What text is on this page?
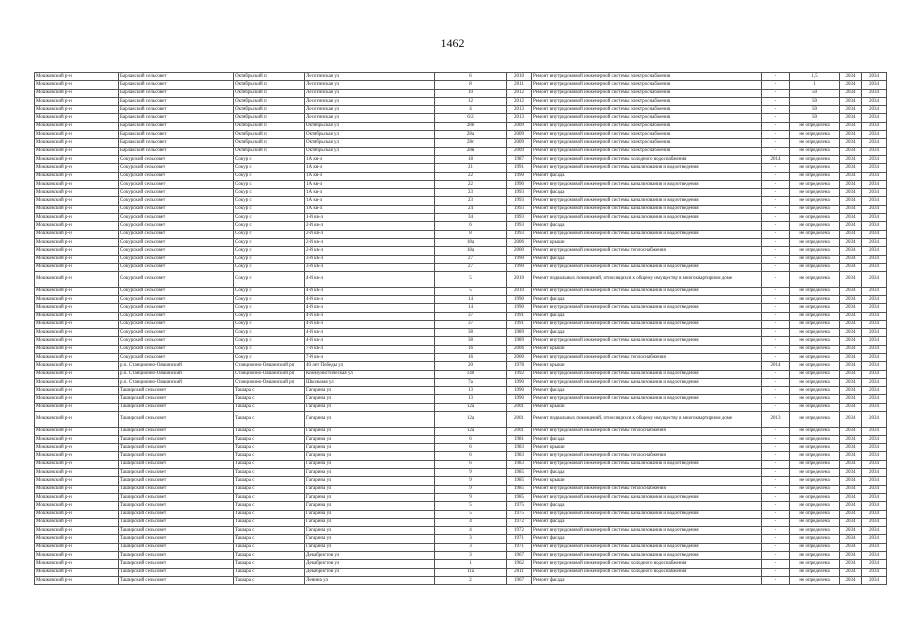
1462
Мошковский р-н	Барлакский сельсовет	Октябрьский п	Лесотинская ул	6	2010	Ремонт внутридомовой инженерной системы электроснабжения	-	1,5	2034	2034
Мошковский р-н	Барлакский сельсовет	Октябрьский п	Лесотинская ул	8	2011	Ремонт внутридомовой инженерной системы электроснабжения	-	1	2034	2034
Мошковский р-н	Барлакский сельсовет	Октябрьский п	Лесотинская ул	10	2012	Ремонт внутридомовой инженерной системы электроснабжения	-	50	2034	2034
Мошковский р-н	Барлакский сельсовет	Октябрьский п	Лесотинская ул	12	2012	Ремонт внутридомовой инженерной системы электроснабжения	-	50	2034	2034
Мошковский р-н	Барлакский сельсовет	Октябрьский п	Лесотинская ул	4	2013	Ремонт внутридомовой инженерной системы электроснабжения	-	50	2034	2034
Мошковский р-н	Барлакский сельсовет	Октябрьский п	Лесотинская ул	6/2	2013	Ремонт внутридомовой инженерной системы электроснабжения	-	50	2034	2034
Мошковский р-н	Барлакский сельсовет	Октябрьский п	Октябрьская ул	28б	2009	Ремонт внутридомовой инженерной системы электроснабжения	-	не определена	2034	2034
Мошковский р-н	Барлакский сельсовет	Октябрьский п	Октябрьская ул	28а	2009	Ремонт внутридомовой инженерной системы электроснабжения	-	не определена	2034	2034
Мошковский р-н	Барлакский сельсовет	Октябрьский п	Октябрьская ул	28г	2009	Ремонт внутридомовой инженерной системы электроснабжения	-	не определена	2034	2034
Мошковский р-н	Барлакский сельсовет	Октябрьский п	Октябрьская ул	28в	2009	Ремонт внутридомовой инженерной системы электроснабжения	-	не определена	2034	2034
Мошковский р-н	Сокурский сельсовет	Сокур с	1А кв-л	18	1987	Ремонт внутридомовой инженерной системы холодного водоснабжения	2014	не определена	2034	2034
Мошковский р-н	Сокурский сельсовет	Сокур с	1А кв-л	21	1991	Ремонт внутридомовой инженерной системы канализования и водоотведения	-	не определена	2034	2034
Мошковский р-н	Сокурский сельсовет	Сокур с	1А кв-л	22	1990	Ремонт фасада	-	не определена	2034	2034
Мошковский р-н	Сокурский сельсовет	Сокур с	1А кв-л	22	1990	Ремонт внутридомовой инженерной системы канализования и водоотведения	-	не определена	2034	2034
Мошковский р-н	Сокурский сельсовет	Сокур с	1А кв-л	23	1993	Ремонт фасада	-	не определена	2034	2034
Мошковский р-н	Сокурский сельсовет	Сокур с	1А кв-л	23	1993	Ремонт внутридомовой инженерной системы канализования и водоотведения	-	не определена	2034	2034
Мошковский р-н	Сокурский сельсовет	Сокур с	1А кв-л	24	1993	Ремонт внутридомовой инженерной системы канализования и водоотведения	-	не определена	2034	2034
Мошковский р-н	Сокурский сельсовет	Сокур с	1-й кв-л	34	1993	Ремонт внутридомовой инженерной системы канализования и водоотведения	-	не определена	2034	2034
Мошковский р-н	Сокурский сельсовет	Сокур с	2-й кв-л	6	1993	Ремонт фасада	-	не определена	2034	2034
Мошковский р-н	Сокурский сельсовет	Сокур с	2-й кв-л	8	1993	Ремонт внутридомовой инженерной системы канализования и водоотведения	-	не определена	2034	2034
Мошковский р-н	Сокурский сельсовет	Сокур с	2-й кв-л	18а	2006	Ремонт крыши	-	не определена	2034	2034
Мошковский р-н	Сокурский сельсовет	Сокур с	2-й кв-л	18а	2000	Ремонт внутридомовой инженерной системы теплоснабжения	-	не определена	2034	2034
Мошковский р-н	Сокурский сельсовет	Сокур с	3-й кв-л	27	1990	Ремонт фасада	-	не определена	2034	2034
Мошковский р-н	Сокурский сельсовет	Сокур с	3-й кв-л	27	1990	Ремонт внутридомовой инженерной системы канализования и водоотведения	-	не определена	2034	2034
Мошковский р-н	Сокурский сельсовет	Сокур с	4-й кв-л	5	2010	Ремонт подвальных помещений, относящихся к общему имуществу в многоквартирном доме	-	не определена	2034	2034
Мошковский р-н	Сокурский сельсовет	Сокур с	4-й кв-л	5	2010	Ремонт внутридомовой инженерной системы канализования и водоотведения	-	не определена	2034	2034
Мошковский р-н	Сокурский сельсовет	Сокур с	4-й кв-л	14	1990	Ремонт фасада	-	не определена	2034	2034
Мошковский р-н	Сокурский сельсовет	Сокур с	4-й кв-л	14	1990	Ремонт внутридомовой инженерной системы канализования и водоотведения	-	не определена	2034	2034
Мошковский р-н	Сокурский сельсовет	Сокур с	4-й кв-л	37	1991	Ремонт фасада	-	не определена	2034	2034
Мошковский р-н	Сокурский сельсовет	Сокур с	4-й кв-л	37	1991	Ремонт внутридомовой инженерной системы канализования и водоотведения	-	не определена	2034	2034
Мошковский р-н	Сокурский сельсовет	Сокур с	4-й кв-л	38	1989	Ремонт фасада	-	не определена	2034	2034
Мошковский р-н	Сокурский сельсовет	Сокур с	4-й кв-л	38	1989	Ремонт внутридомовой инженерной системы канализования и водоотведения	-	не определена	2034	2034
Мошковский р-н	Сокурский сельсовет	Сокур с	7-й кв-л	16	2006	Ремонт крыши	-	не определена	2034	2034
Мошковский р-н	Сокурский сельсовет	Сокур с	7-й кв-л	16	2000	Ремонт внутридомовой инженерной системы теплоснабжения	-	не определена	2034	2034
Мошковский р-н	р.п. Станционно-Ояшинский	Станционно-Ояшинский рп	40 лет Победы ул	20	1978	Ремонт крыши	2014	не определена	2034	2034
Мошковский р-н	р.п. Станционно-Ояшинский	Станционно-Ояшинский рп	Коммунистическая ул	140	1992	Ремонт внутридомовой инженерной системы канализования и водоотведения	-	не определена	2034	2034
Мошковский р-н	р.п. Станционно-Ояшинский	Станционно-Ояшинский рп	Школьная ул	7а	1990	Ремонт внутридомовой инженерной системы канализования и водоотведения	-	не определена	2034	2034
Мошковский р-н	Таширский сельсовет	Ташара с	Гагарина ул	13	1990	Ремонт фасада	-	не определена	2034	2034
Мошковский р-н	Таширский сельсовет	Ташара с	Гагарина ул	13	1990	Ремонт внутридомовой инженерной системы канализования и водоотведения	-	не определена	2034	2034
Мошковский р-н	Таширский сельсовет	Ташара с	Гагарина ул	12а	2001	Ремонт крыши	-	не определена	2034	2034
Мошковский р-н	Таширский сельсовет	Ташара с	Гагарина ул	12а	2001	Ремонт подвальных помещений, относящихся к общему имуществу в многоквартирном доме	2013	не определена	2034	2034
Мошковский р-н	Таширский сельсовет	Ташара с	Гагарина ул	12а	2001	Ремонт внутридомовой инженерной системы теплоснабжения	-	не определена	2034	2034
Мошковский р-н	Таширский сельсовет	Ташара с	Гагарина ул	6	1981	Ремонт фасада	-	не определена	2034	2034
Мошковский р-н	Таширский сельсовет	Ташара с	Гагарина ул	6	1983	Ремонт крыши	-	не определена	2034	2034
Мошковский р-н	Таширский сельсовет	Ташара с	Гагарина ул	6	1983	Ремонт внутридомовой инженерной системы теплоснабжения	-	не определена	2034	2034
Мошковский р-н	Таширский сельсовет	Ташара с	Гагарина ул	6	1983	Ремонт внутридомовой инженерной системы канализования и водоотведения	-	не определена	2034	2034
Мошковский р-н	Таширский сельсовет	Ташара с	Гагарина ул	9	1985	Ремонт фасада	-	не определена	2034	2034
Мошковский р-н	Таширский сельсовет	Ташара с	Гагарина ул	9	1985	Ремонт крыши	-	не определена	2034	2034
Мошковский р-н	Таширский сельсовет	Ташара с	Гагарина ул	9	1985	Ремонт внутридомовой инженерной системы теплоснабжения	-	не определена	2034	2034
Мошковский р-н	Таширский сельсовет	Ташара с	Гагарина ул	9	1985	Ремонт внутридомовой инженерной системы канализования и водоотведения	-	не определена	2034	2034
Мошковский р-н	Таширский сельсовет	Ташара с	Гагарина ул	5	1975	Ремонт фасада	-	не определена	2034	2034
Мошковский р-н	Таширский сельсовет	Ташара с	Гагарина ул	5	1975	Ремонт внутридомовой инженерной системы канализования и водоотведения	-	не определена	2034	2034
Мошковский р-н	Таширский сельсовет	Ташара с	Гагарина ул	4	1972	Ремонт фасада	-	не определена	2034	2034
Мошковский р-н	Таширский сельсовет	Ташара с	Гагарина ул	4	1972	Ремонт внутридомовой инженерной системы канализования и водоотведения	-	не определена	2034	2034
Мошковский р-н	Таширский сельсовет	Ташара с	Гагарина ул	3	1971	Ремонт фасада	-	не определена	2034	2034
Мошковский р-н	Таширский сельсовет	Ташара с	Гагарина ул	3	1971	Ремонт внутридомовой инженерной системы канализования и водоотведения	-	не определена	2034	2034
Мошковский р-н	Таширский сельсовет	Ташара с	Декабристов ул	3	1967	Ремонт внутридомовой инженерной системы канализования и водоотведения	-	не определена	2034	2034
Мошковский р-н	Таширский сельсовет	Ташара с	Декабристов ул	1	1962	Ремонт внутридомовой инженерной системы холодного водоснабжения	-	не определена	2034	2034
Мошковский р-н	Таширский сельсовет	Ташара с	Декабристов ул	11а	2011	Ремонт внутридомовой инженерной системы холодного водоснабжения	-	не определена	2034	2034
Мошковский р-н	Таширский сельсовет	Ташара с	Ленина ул	2	1967	Ремонт фасада	-	не определена	2034	2034
